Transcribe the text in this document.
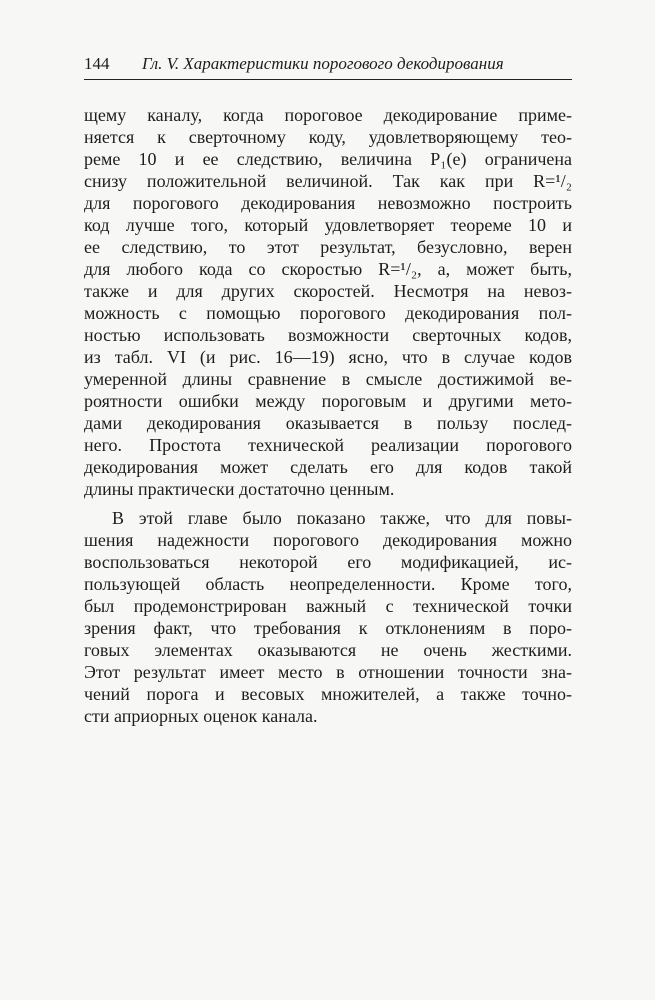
144 Гл. V. Характеристики порогового декодирования
щему каналу, когда пороговое декодирование приме-
няется к сверточному коду, удовлетворяющему тео-
реме 10 и ее следствию, величина P₁(e) ограничена
снизу положительной величиной. Так как при R=¹/₂
для порогового декодирования невозможно построить
код лучше того, который удовлетворяет теореме 10 и
ее следствию, то этот результат, безусловно, верен
для любого кода со скоростью R=¹/₂, а, может быть,
также и для других скоростей. Несмотря на невоз-
можность с помощью порогового декодирования пол-
ностью использовать возможности сверточных кодов,
из табл. VI (и рис. 16—19) ясно, что в случае кодов
умеренной длины сравнение в смысле достижимой ве-
роятности ошибки между пороговым и другими мето-
дами декодирования оказывается в пользу послед-
него. Простота технической реализации порогового
декодирования может сделать его для кодов такой
длины практически достаточно ценным.
В этой главе было показано также, что для повы-
шения надежности порогового декодирования можно
воспользоваться некоторой его модификацией, ис-
пользующей область неопределенности. Кроме того,
был продемонстрирован важный с технической точки
зрения факт, что требования к отклонениям в поро-
говых элементах оказываются не очень жесткими.
Этот результат имеет место в отношении точности зна-
чений порога и весовых множителей, а также точно-
сти априорных оценок канала.
